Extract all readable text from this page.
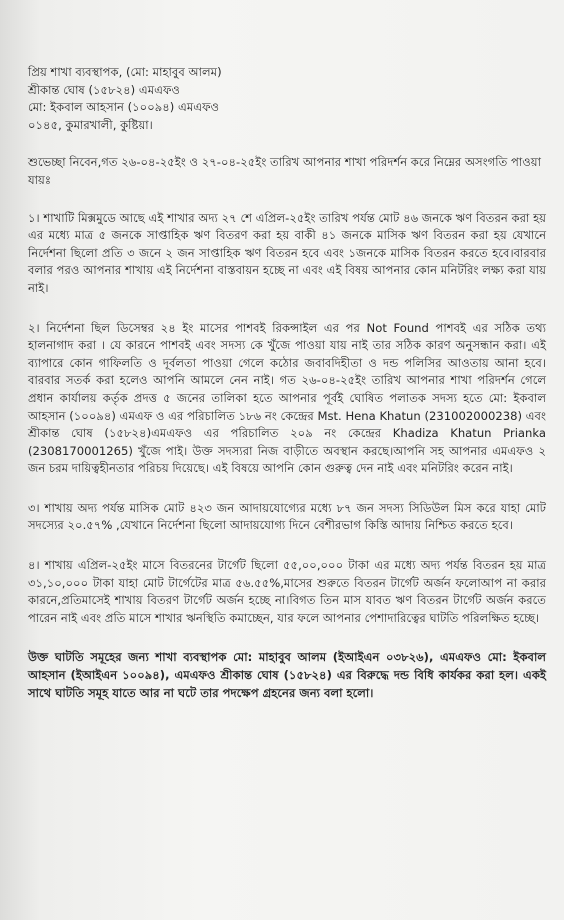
প্রিয় শাখা ব্যবস্থাপক, (মো: মাহাবুব আলম)
শ্রীকান্ত ঘোষ (১৫৮২৪) এমএফও
মো: ইকবাল আহসান (১০০৯৪) এমএফও
০১৪৫, কুমারখালী, কুষ্টিয়া।

শুভেচ্ছা নিবেন,গত ২৬-০৪-২৫ইং ও ২৭-০৪-২৫ইং তারিখ আপনার শাখা পরিদর্শন করে নিম্নের অসংগতি পাওয়া যায়ঃ

১। শাখাটি মিক্সমুডে আছে এই শাখার অদ্য ২৭ শে এপ্রিল-২৫ইং তারিখ পর্যন্ত মোট ৪৬ জনকে ঋণ বিতরন করা হয় এর মধ্যে মাত্র ৫ জনকে সাপ্তাহিক ঋণ বিতরণ করা হয় বাকী ৪১ জনকে মাসিক ঋণ বিতরন করা হয় যেখানে নির্দেশনা ছিলো প্রতি ৩ জনে ২ জন সাপ্তাহিক ঋণ বিতরন হবে এবং ১জনকে মাসিক বিতরন করতে হবে।বারবার বলার পরও আপনার শাখায় এই নির্দেশনা বাস্তবায়ন হচ্ছে না এবং এই বিষয় আপনার কোন মনিটরিং লক্ষ্য করা যায় নাই।

২। নির্দেশনা ছিল ডিসেম্বর ২৪ ইং মাসের পাশবই রিকন্সাইল এর পর Not Found পাশবই এর সঠিক তথ্য হালনাগাদ করা । যে কারনে পাশবই এবং সদস্য কে খুঁজে পাওয়া যায় নাই তার সঠিক কারণ অনুসন্ধান করা। এই ব্যাপারে কোন গাফিলতি ও দূর্বলতা পাওয়া গেলে কঠোর জবাবদিহীতা ও দন্ড পলিসির আওতায় আনা হবে। বারবার সতর্ক করা হলেও আপনি আমলে নেন নাই। গত ২৬-০৪-২৫ইং তারিখ আপনার শাখা পরিদর্শন গেলে প্রধান কার্যালয় কর্তৃক প্রদত্ত ৫ জনের তালিকা হতে আপনার পূর্বই ঘোষিত পলাতক সদস্য হতে মো: ইকবাল আহসান (১০০৯৪) এমএফ ও এর পরিচালিত ১৮৬ নং কেন্দ্রের Mst. Hena Khatun (231002000238) এবং শ্রীকান্ত ঘোষ (১৫৮২৪)এমএফও এর পরিচালিত ২০৯ নং কেন্দ্রের Khadiza Khatun Prianka (2308170001265) খুঁজে পাই। উক্ত সদস্যরা নিজ বাড়ীতে অবস্থান করছে।আপনি সহ আপনার এমএফও ২ জন চরম দায়িত্বহীনতার পরিচয় দিয়েছে। এই বিষয়ে আপনি কোন গুরুত্ব দেন নাই এবং মনিটরিং করেন নাই।

৩। শাখায় অদ্য পর্যন্ত মাসিক মোট ৪২৩ জন আদায়যোগ্যের মধ্যে ৮৭ জন সদস্য সিডিউল মিস করে যাহা মোট সদস্যের ২০.৫৭% ,যেখানে নির্দেশনা ছিলো আদায়যোগ্য দিনে বেশীরভাগ কিস্তি আদায় নিশ্চিত করতে হবে।

৪। শাখায় এপ্রিল-২৫ইং মাসে বিতরনের টার্গেট ছিলো ৫৫,০০,০০০ টাকা এর মধ্যে অদ্য পর্যন্ত বিতরন হয় মাত্র ৩১,১০,০০০ টাকা যাহা মোট টার্গেটের মাত্র ৫৬.৫৫%,মাসের শুরুতে বিতরন টার্গেট অর্জন ফলোআপ না করার কারনে,প্রতিমাসেই শাখায় বিতরণ টার্গেট অর্জন হচ্ছে না।বিগত তিন মাস যাবত ঋণ বিতরন টার্গেট অর্জন করতে পারেন নাই এবং প্রতি মাসে শাখার ঋনস্থিতি কমাচ্ছেন, যার ফলে আপনার পেশাদারিত্বের ঘাটতি পরিলক্ষিত হচ্ছে।

উক্ত ঘাটতি সমূহের জন্য শাখা ব্যবস্থাপক মো: মাহাবুব আলম (ইআইএন ০৩৮২৬), এমএফও মো: ইকবাল আহসান (ইআইএন ১০০৯৪), এমএফও শ্রীকান্ত ঘোষ (১৫৮২৪) এর বিরুদ্ধে দন্ড বিধি কার্যকর করা হল। একই সাথে ঘাটতি সমূহ যাতে আর না ঘটে তার পদক্ষেপ গ্রহনের জন্য বলা হলো।
